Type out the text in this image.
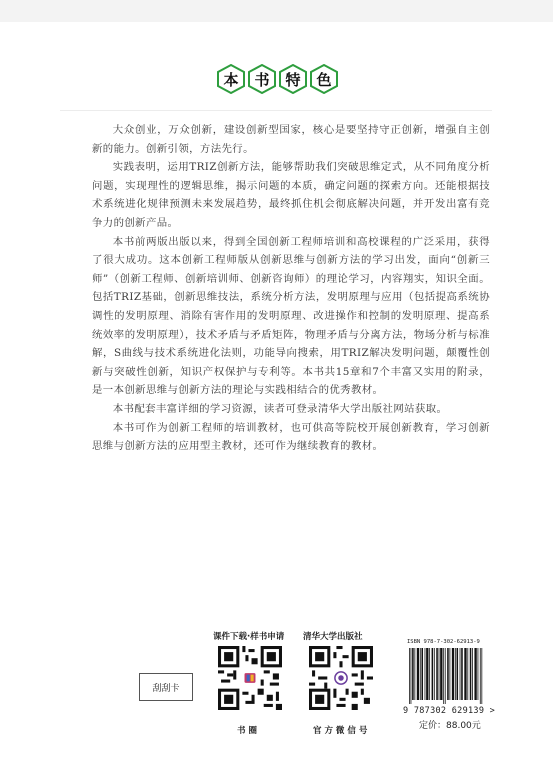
本	书	特	色

大众创业，万众创新，建设创新型国家，核心是要坚持守正创新，增强自主创新的能力。创新引领，方法先行。

实践表明，运用TRIZ创新方法，能够帮助我们突破思维定式，从不同角度分析问题，实现理性的逻辑思维，揭示问题的本质，确定问题的探索方向。还能根据技术系统进化规律预测未来发展趋势，最终抓住机会彻底解决问题，并开发出富有竞争力的创新产品。

本书前两版出版以来，得到全国创新工程师培训和高校课程的广泛采用，获得了很大成功。这本创新工程师版从创新思维与创新方法的学习出发，面向“创新三师”（创新工程师、创新培训师、创新咨询师）的理论学习，内容翔实，知识全面。包括TRIZ基础，创新思维技法，系统分析方法，发明原理与应用（包括提高系统协调性的发明原理、消除有害作用的发明原理、改进操作和控制的发明原理、提高系统效率的发明原理），技术矛盾与矛盾矩阵，物理矛盾与分离方法，物场分析与标准解，S曲线与技术系统进化法则，功能导向搜索，用TRIZ解决发明问题，颠覆性创新与突破性创新，知识产权保护与专利等。本书共15章和7个丰富又实用的附录，是一本创新思维与创新方法的理论与实践相结合的优秀教材。

本书配套丰富详细的学习资源，读者可登录清华大学出版社网站获取。

本书可作为创新工程师的培训教材，也可供高等院校开展创新教育，学习创新思维与创新方法的应用型主教材，还可作为继续教育的教材。

刮刮卡
课件下载·样书申请 清华大学出版社
书 圈	官 方 微 信 号
ISBN 978-7-302-62913-9
9 787302 629139 >
定价：88.00元
